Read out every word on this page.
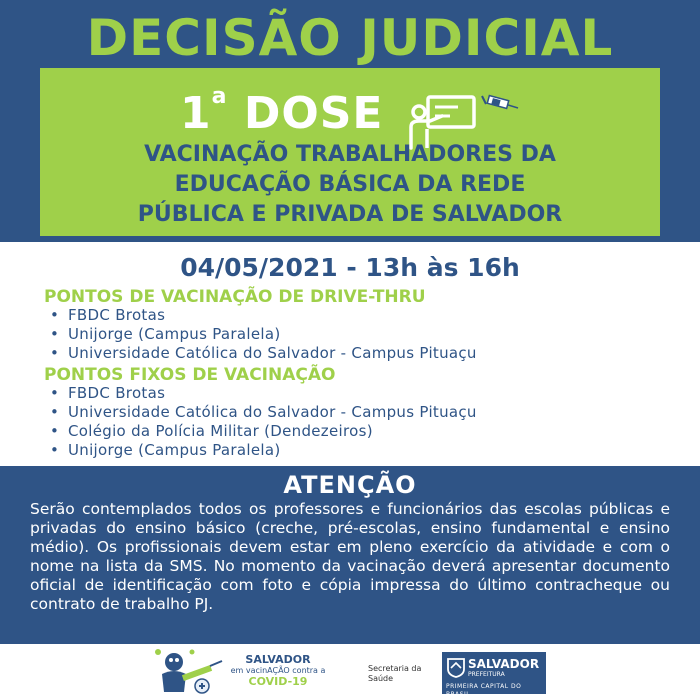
DECISÃO JUDICIAL
1$^a$ DOSE
VACINAÇÃO TRABALHADORES DA
EDUCAÇÃO BÁSICA DA REDE
PÚBLICA E PRIVADA DE SALVADOR
04/05/2021 - 13h às 16h
PONTOS DE VACINAÇÃO DE DRIVE-THRU
• FBDC Brotas
• Unijorge (Campus Paralela)
• Universidade Católica do Salvador - Campus Pituaçu
PONTOS FIXOS DE VACINAÇÃO
• FBDC Brotas
• Universidade Católica do Salvador - Campus Pituaçu
• Colégio da Polícia Militar (Dendezeiros)
• Unijorge (Campus Paralela)
ATENÇÃO
Serão contemplados todos os professores e funcionários das escolas públicas e privadas do ensino básico (creche, pré-escolas, ensino fundamental e ensino médio). Os profissionais devem estar em pleno exercício da atividade e com o nome na lista da SMS. No momento da vacinação deverá apresentar documento oficial de identificação com foto e cópia impressa do último contracheque ou contrato de trabalho PJ.
SALVADOR
em vacinAÇÃO contra a
COVID-19
Secretaria da Saúde
SALVADOR
PREFEITURA
PRIMEIRA CAPITAL DO BRASIL
